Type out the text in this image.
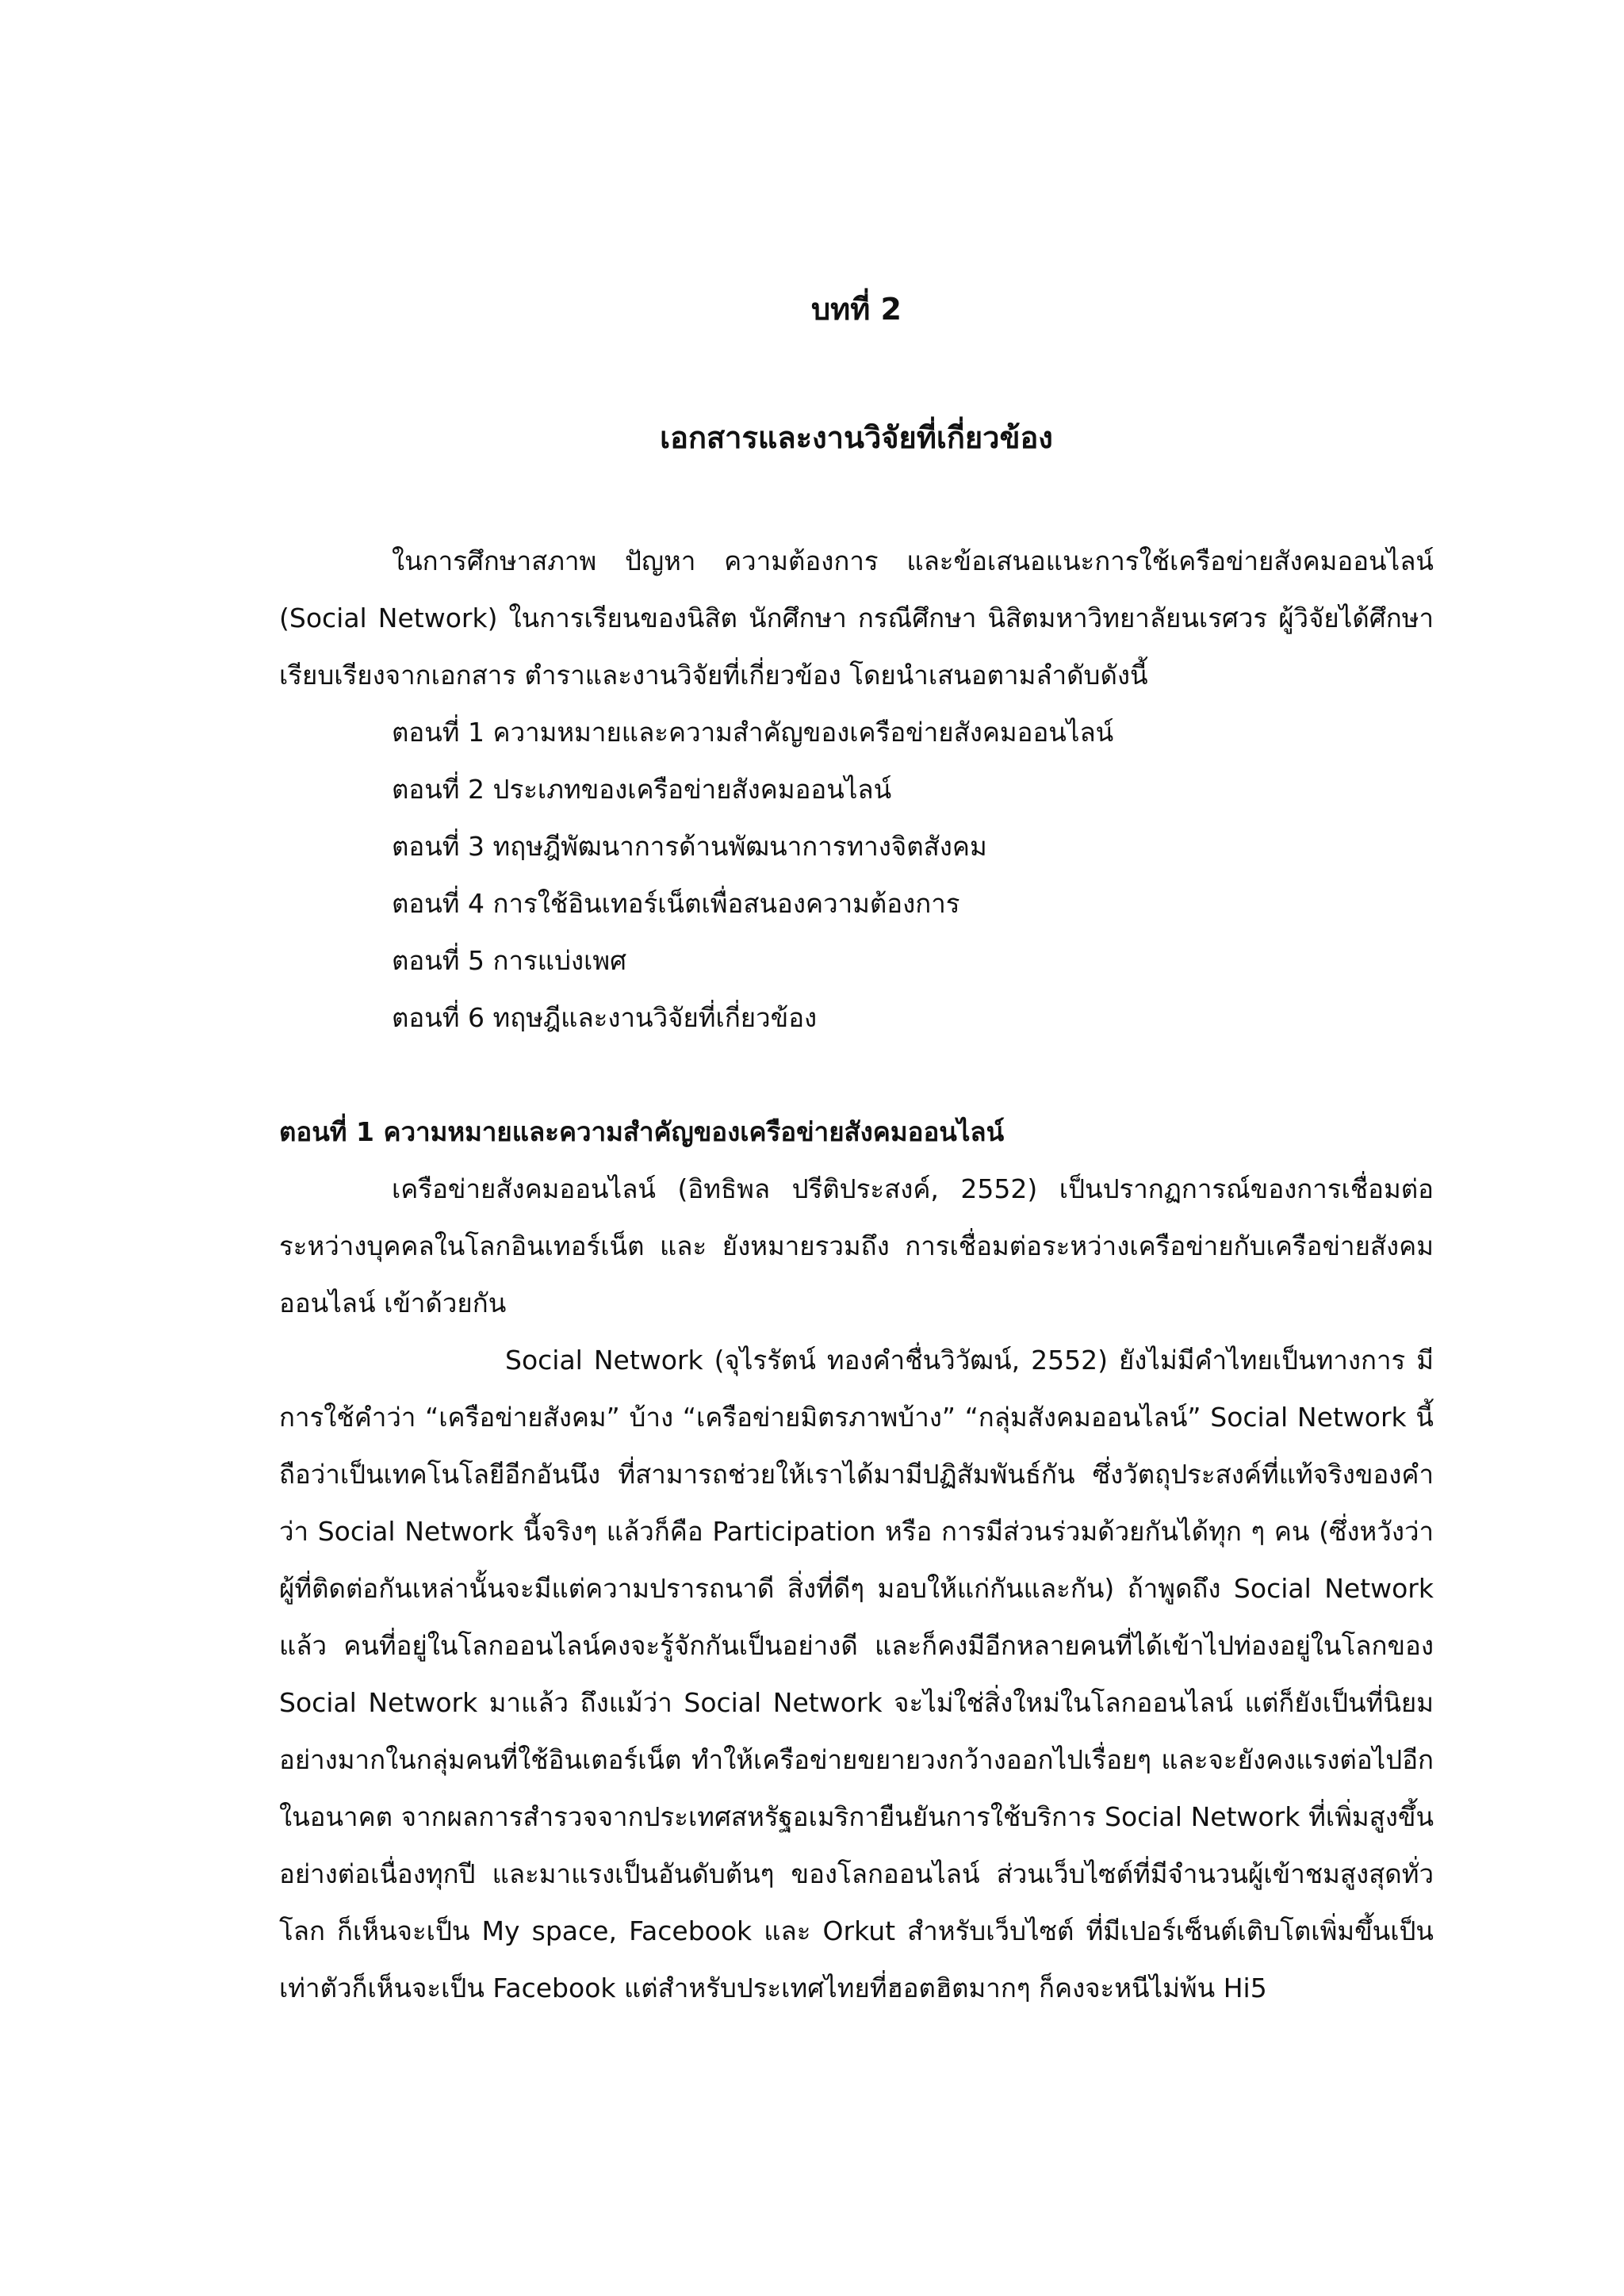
บทที่ 2
เอกสารและงานวิจัยที่เกี่ยวข้อง

ในการศึกษาสภาพ ปัญหา ความต้องการ และข้อเสนอแนะการใช้เครือข่ายสังคมออนไลน์ (Social Network) ในการเรียนของนิสิต นักศึกษา กรณีศึกษา นิสิตมหาวิทยาลัยนเรศวร ผู้วิจัยได้ศึกษา เรียบเรียงจากเอกสาร ตำราและงานวิจัยที่เกี่ยวข้อง โดยนำเสนอตามลำดับดังนี้

ตอนที่ 1 ความหมายและความสำคัญของเครือข่ายสังคมออนไลน์
ตอนที่ 2 ประเภทของเครือข่ายสังคมออนไลน์
ตอนที่ 3 ทฤษฎีพัฒนาการด้านพัฒนาการทางจิตสังคม
ตอนที่ 4 การใช้อินเทอร์เน็ตเพื่อสนองความต้องการ
ตอนที่ 5 การแบ่งเพศ
ตอนที่ 6 ทฤษฎีและงานวิจัยที่เกี่ยวข้อง
ตอนที่ 1 ความหมายและความสำคัญของเครือข่ายสังคมออนไลน์

เครือข่ายสังคมออนไลน์ (อิทธิพล ปรีติประสงค์, 2552) เป็นปรากฏการณ์ของการเชื่อมต่อระหว่างบุคคลในโลกอินเทอร์เน็ต และ ยังหมายรวมถึง การเชื่อมต่อระหว่างเครือข่ายกับเครือข่ายสังคมออนไลน์ เข้าด้วยกัน

Social Network (จุไรรัตน์ ทองคำชื่นวิวัฒน์, 2552) ยังไม่มีคำไทยเป็นทางการ มีการใช้คำว่า “เครือข่ายสังคม” บ้าง “เครือข่ายมิตรภาพบ้าง” “กลุ่มสังคมออนไลน์” Social Network นี้ถือว่าเป็นเทคโนโลยีอีกอันนึง ที่สามารถช่วยให้เราได้มามีปฏิสัมพันธ์กัน ซึ่งวัตถุประสงค์ที่แท้จริงของคำว่า Social Network นี้จริงๆ แล้วก็คือ Participation หรือ การมีส่วนร่วมด้วยกันได้ทุก ๆ คน (ซึ่งหวังว่าผู้ที่ติดต่อกันเหล่านั้นจะมีแต่ความปรารถนาดี สิ่งที่ดีๆ มอบให้แก่กันและกัน) ถ้าพูดถึง Social Network แล้ว คนที่อยู่ในโลกออนไลน์คงจะรู้จักกันเป็นอย่างดี และก็คงมีอีกหลายคนที่ได้เข้าไปท่องอยู่ในโลกของ Social Network มาแล้ว ถึงแม้ว่า Social Network จะไม่ใช่สิ่งใหม่ในโลกออนไลน์ แต่ก็ยังเป็นที่นิยมอย่างมากในกลุ่มคนที่ใช้อินเตอร์เน็ต ทำให้เครือข่ายขยายวงกว้างออกไปเรื่อยๆ และจะยังคงแรงต่อไปอีกในอนาคต จากผลการสำรวจจากประเทศสหรัฐอเมริกายืนยันการใช้บริการ Social Network ที่เพิ่มสูงขึ้นอย่างต่อเนื่องทุกปี และมาแรงเป็นอันดับต้นๆ ของโลกออนไลน์ ส่วนเว็บไซต์ที่มีจำนวนผู้เข้าชมสูงสุดทั่วโลก ก็เห็นจะเป็น My space, Facebook และ Orkut สำหรับเว็บไซต์ ที่มีเปอร์เซ็นต์เติบโตเพิ่มขึ้นเป็นเท่าตัวก็เห็นจะเป็น Facebook แต่สำหรับประเทศไทยที่ฮอตฮิตมากๆ ก็คงจะหนีไม่พ้น Hi5
